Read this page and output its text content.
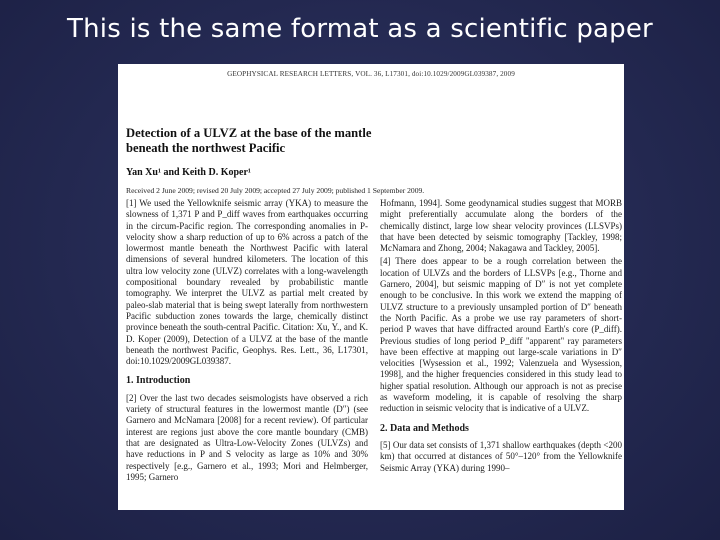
This is the same format as a scientific paper
GEOPHYSICAL RESEARCH LETTERS, VOL. 36, L17301, doi:10.1029/2009GL039387, 2009
Detection of a ULVZ at the base of the mantle
beneath the northwest Pacific
Yan Xu¹ and Keith D. Koper¹
Received 2 June 2009; revised 20 July 2009; accepted 27 July 2009; published 1 September 2009.

[1] We used the Yellowknife seismic array (YKA) to measure the slowness of 1,371 P and P_diff waves from earthquakes occurring in the circum-Pacific region. The corresponding anomalies in P-velocity show a sharp reduction of up to 6% across a patch of the lowermost mantle beneath the Northwest Pacific with lateral dimensions of several hundred kilometers. The location of this ultra low velocity zone (ULVZ) correlates with a long-wavelength compositional boundary revealed by probabilistic mantle tomography. We interpret the ULVZ as partial melt created by paleo-slab material that is being swept laterally from northwestern Pacific subduction zones towards the large, chemically distinct province beneath the south-central Pacific. Citation: Xu, Y., and K. D. Koper (2009), Detection of a ULVZ at the base of the mantle beneath the northwest Pacific, Geophys. Res. Lett., 36, L17301, doi:10.1029/2009GL039387.

1. Introduction

[2] Over the last two decades seismologists have observed a rich variety of structural features in the lowermost mantle (D″) (see Garnero and McNamara [2008] for a recent review). Of particular interest are regions just above the core mantle boundary (CMB) that are designated as Ultra-Low-Velocity Zones (ULVZs) and have reductions in P and S velocity as large as 10% and 30% respectively [e.g., Garnero et al., 1993; Mori and Helmberger, 1995; Garnero

Hofmann, 1994]. Some geodynamical studies suggest that MORB might preferentially accumulate along the borders of the chemically distinct, large low shear velocity provinces (LLSVPs) that have been detected by seismic tomography [Tackley, 1998; McNamara and Zhong, 2004; Nakagawa and Tackley, 2005].

[4] There does appear to be a rough correlation between the location of ULVZs and the borders of LLSVPs [e.g., Thorne and Garnero, 2004], but seismic mapping of D″ is not yet complete enough to be conclusive. In this work we extend the mapping of ULVZ structure to a previously unsampled portion of D″ beneath the North Pacific. As a probe we use ray parameters of short-period P waves that have diffracted around Earth's core (P_diff). Previous studies of long period P_diff "apparent" ray parameters have been effective at mapping out large-scale variations in D″ velocities [Wysession et al., 1992; Valenzuela and Wysession, 1998], and the higher frequencies considered in this study lead to higher spatial resolution. Although our approach is not as precise as waveform modeling, it is capable of resolving the sharp reduction in seismic velocity that is indicative of a ULVZ.

2. Data and Methods

[5] Our data set consists of 1,371 shallow earthquakes (depth <200 km) that occurred at distances of 50°–120° from the Yellowknife Seismic Array (YKA) during 1990–
